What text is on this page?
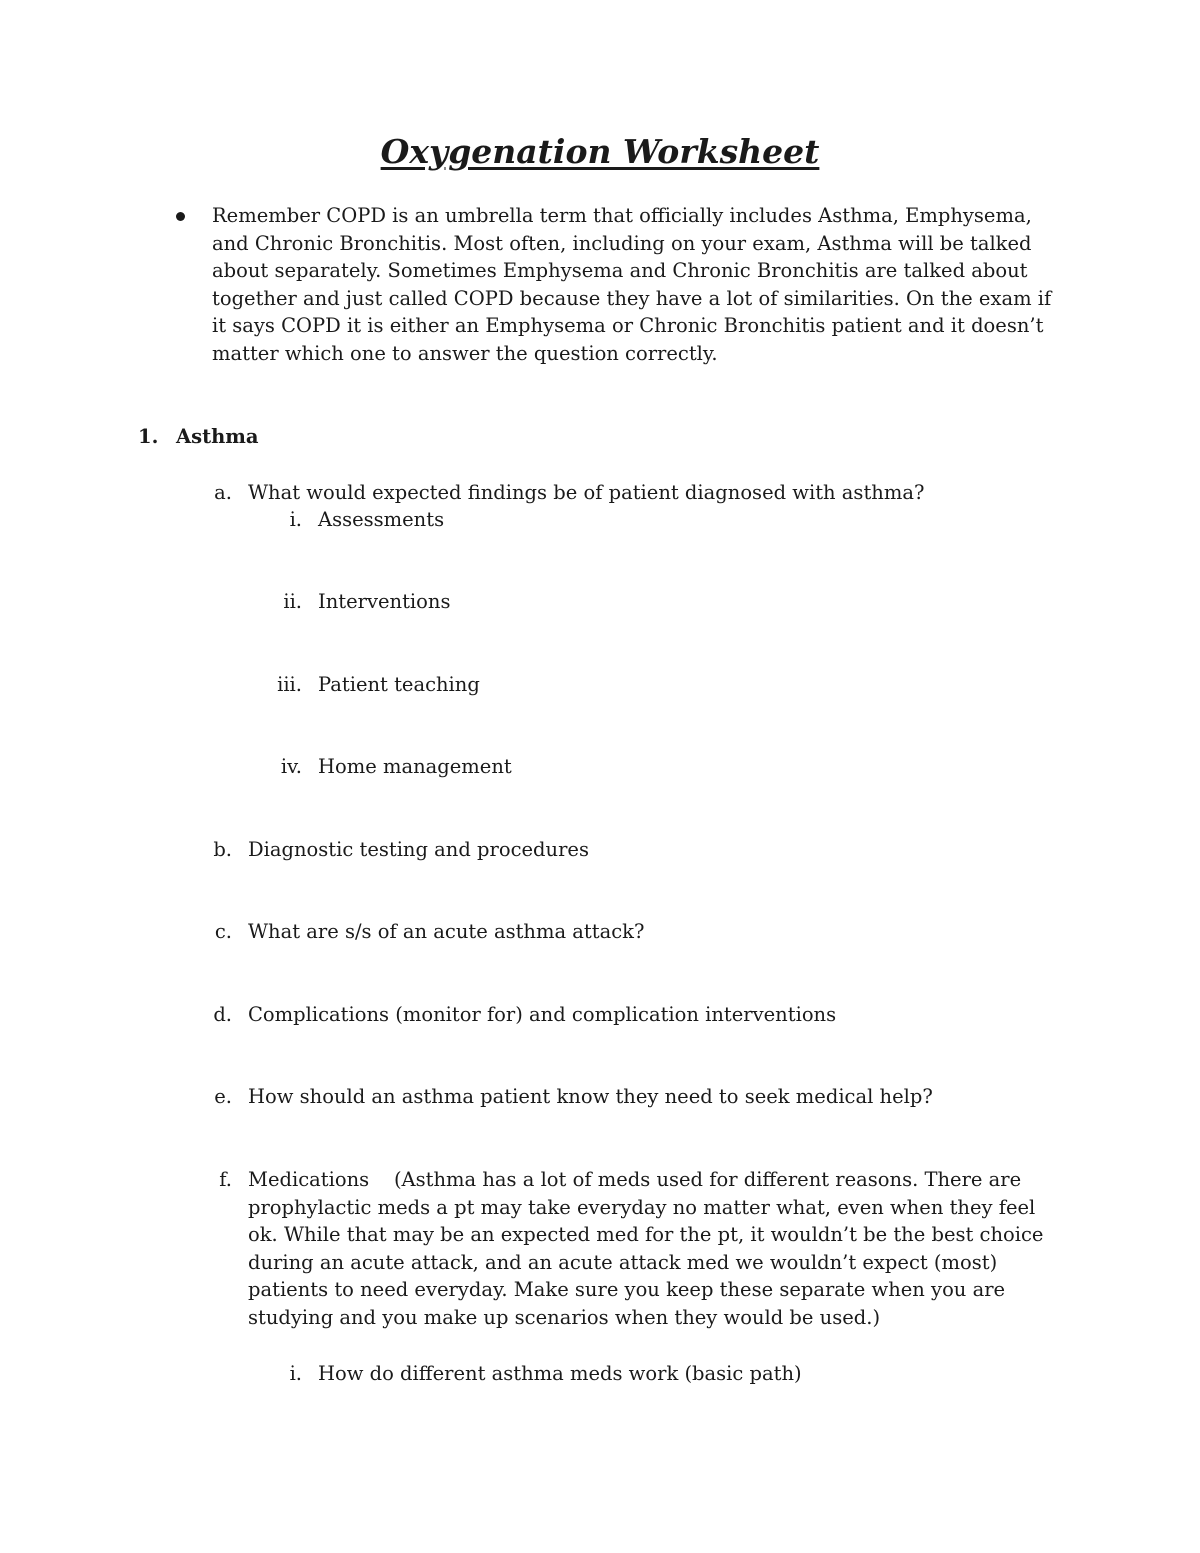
Oxygenation Worksheet
Remember COPD is an umbrella term that officially includes Asthma, Emphysema, and Chronic Bronchitis. Most often, including on your exam, Asthma will be talked about separately. Sometimes Emphysema and Chronic Bronchitis are talked about together and just called COPD because they have a lot of similarities. On the exam if it says COPD it is either an Emphysema or Chronic Bronchitis patient and it doesn’t matter which one to answer the question correctly.
1. Asthma
a. What would expected findings be of patient diagnosed with asthma?
i. Assessments
ii. Interventions
iii. Patient teaching
iv. Home management
b. Diagnostic testing and procedures
c. What are s/s of an acute asthma attack?
d. Complications (monitor for) and complication interventions
e. How should an asthma patient know they need to seek medical help?
f. Medications    (Asthma has a lot of meds used for different reasons. There are prophylactic meds a pt may take everyday no matter what, even when they feel ok. While that may be an expected med for the pt, it wouldn’t be the best choice during an acute attack, and an acute attack med we wouldn’t expect (most) patients to need everyday. Make sure you keep these separate when you are studying and you make up scenarios when they would be used.)
i. How do different asthma meds work (basic path)
